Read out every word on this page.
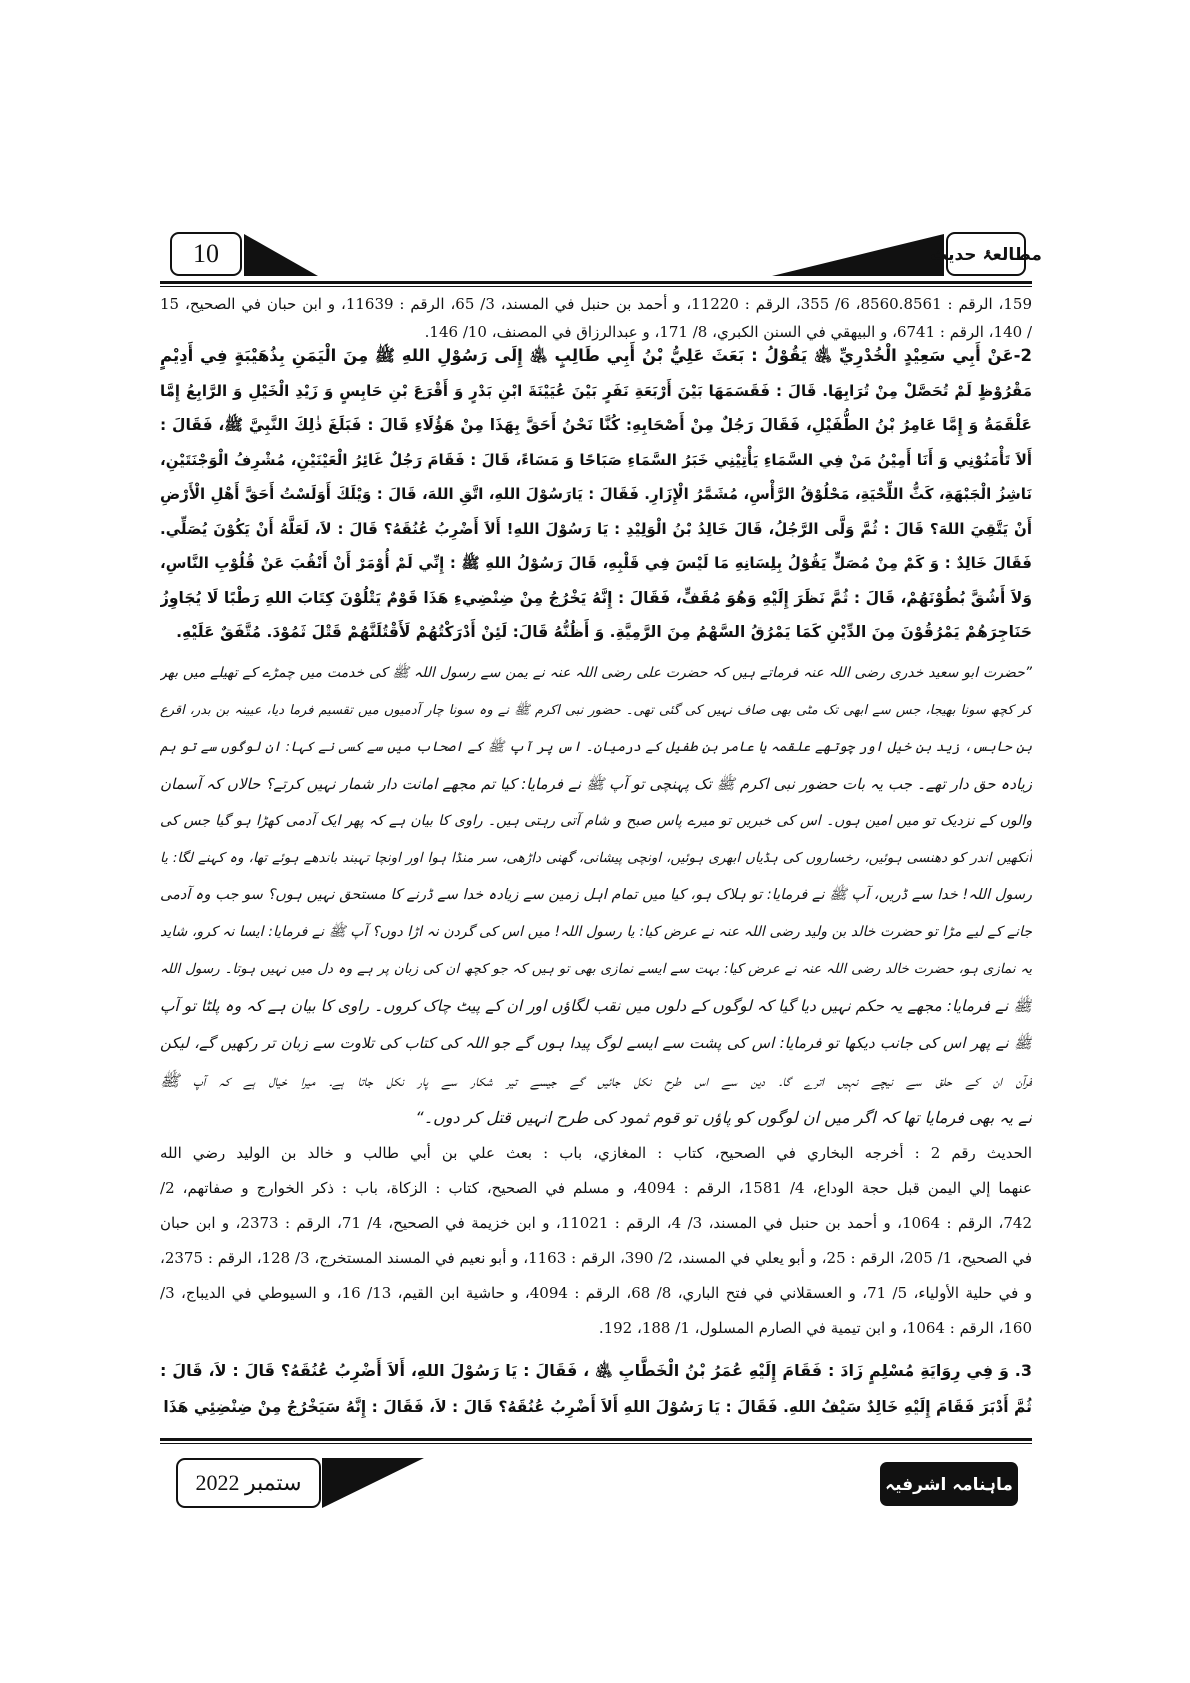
10	مطالعۂ حدیث
159، الرقم : 8560.8561، 6/ 355، الرقم : 11220، و أحمد بن حنبل في المسند، 3/ 65، الرقم : 11639، و ابن حبان في الصحيح، 15
/ 140، الرقم : 6741، و البيهقي في السنن الكبري، 8/ 171، و عبدالرزاق في المصنف، 10/ 146.
2-عَنْ أَبِي سَعِيْدٍ الْخُدْرِيِّ ﵁ يَقُوْلُ : بَعَثَ عَلِيُّ بْنُ أَبِي طَالِبٍ ﵁ إِلَى رَسُوْلِ اللهِ ﷺ مِنَ الْيَمَنِ بِذُهَيْبَةٍ فِي أَدِيْمٍ
مَقْرُوْظٍ لَمْ تُحَصَّلْ مِنْ تُرَابِهَا. قَالَ : فَقَسَمَهَا بَيْنَ أَرْبَعَةِ نَفَرٍ بَيْنَ عُيَيْنَةَ ابْنِ بَدْرٍ وَ أَقْرَعَ بْنِ حَابِسٍ وَ زَيْدِ الْخَيْلِ وَ الرَّابِعُ إِمَّا
عَلْقَمَةُ وَ إِمَّا عَامِرُ بْنُ الطُّفَيْلِ، فَقَالَ رَجُلٌ مِنْ أَصْحَابِهِ: كُنَّا نَحْنُ أَحَقَّ بِهَذَا مِنْ هَؤُلَاءِ قَالَ : فَبَلَغَ ذٰلِكَ النَّبِيَّ ﷺ، فَقَالَ :
أَلاَ تَأْمَنُوْنِي وَ أَنَا أَمِيْنُ مَنْ فِي السَّمَاءِ يَأْتِيْنِي خَبَرُ السَّمَاءِ صَبَاحًا وَ مَسَاءً، قَالَ : فَقَامَ رَجُلٌ غَائِرُ الْعَيْنَيْنِ، مُشْرِفُ الْوَجْنَتَيْنِ،
نَاشِزُ الْجَبْهَةِ، كَثُّ اللِّحْيَةِ، مَحْلُوْقُ الرَّأْسِ، مُشَمَّرُ الْإِزَارِ. فَقَالَ : يَارَسُوْلَ اللهِ، اتَّقِ اللهَ، قَالَ : وَيْلَكَ أَوَلَسْتُ أَحَقَّ أَهْلِ الْأَرْضِ
أَنْ يَتَّقِيَ اللهَ؟ قَالَ : ثُمَّ وَلَّى الرَّجُلُ، قَالَ خَالِدُ بْنُ الْوَلِيْدِ : يَا رَسُوْلَ اللهِ! أَلاَ أَضْرِبُ عُنُقَهُ؟ قَالَ : لاَ، لَعَلَّهُ أَنْ يَكُوْنَ يُصَلِّي.
فَقَالَ خَالِدٌ : وَ كَمْ مِنْ مُصَلٍّ يَقُوْلُ بِلِسَانِهِ مَا لَيْسَ فِي قَلْبِهِ، قَالَ رَسُوْلُ اللهِ ﷺ : إِنِّي لَمْ أُوْمَرْ أَنْ أَنْقُبَ عَنْ قُلُوْبِ النَّاسِ،
وَلاَ أَشُقَّ بُطُوْنَهُمْ، قَالَ : ثُمَّ نَظَرَ إِلَيْهِ وَهُوَ مُقَفٍّ، فَقَالَ : إِنَّهُ يَخْرُجُ مِنْ ضِنْضِيءِ هَذَا قَوْمٌ يَتْلُوْنَ كِتَابَ اللهِ رَطْبًا لَا يُجَاوِزُ
حَنَاجِرَهُمْ يَمْرُقُوْنَ مِنَ الدِّيْنِ كَمَا يَمْرُقُ السَّهْمُ مِنَ الرَّمِيَّةِ. وَ أَظُنُّهُ قَالَ: لَئِنْ أَدْرَكْتُهُمْ لَأَقْتُلَنَّهُمْ قَتْلَ ثَمُوْدَ. مُتَّفَقٌ عَلَيْهِ.
”حضرت ابو سعید خدری رضی اللہ عنہ فرماتے ہیں کہ حضرت علی رضی اللہ عنہ نے یمن سے رسول اللہ ﷺ کی خدمت میں چمڑے کے تھیلے میں بھر
کر کچھ سونا بھیجا، جس سے ابھی تک مٹی بھی صاف نہیں کی گئی تھی۔ حضور نبی اکرم ﷺ نے وہ سونا چار آدمیوں میں تقسیم فرما دیا، عیینہ بن بدر، اقرع
بن حابس، زید بن خیل اور چوتھے علقمہ یا عامر بن طفیل کے درمیان۔ اس پر آپ ﷺ کے اصحاب میں سے کسی نے کہا: ان لوگوں سے تو ہم
زیادہ حق دار تھے۔ جب یہ بات حضور نبی اکرم ﷺ تک پہنچی تو آپ ﷺ نے فرمایا: کیا تم مجھے امانت دار شمار نہیں کرتے؟ حالاں کہ آسمان
والوں کے نزدیک تو میں امین ہوں۔ اس کی خبریں تو میرے پاس صبح و شام آتی رہتی ہیں۔ راوی کا بیان ہے کہ پھر ایک آدمی کھڑا ہو گیا جس کی
آنکھیں اندر کو دھنسی ہوئیں، رخساروں کی ہڈیاں ابھری ہوئیں، اونچی پیشانی، گھنی داڑھی، سر منڈا ہوا اور اونچا تہبند باندھے ہوئے تھا، وہ کہنے لگا: یا
رسول اللہ! خدا سے ڈریں، آپ ﷺ نے فرمایا: تو ہلاک ہو، کیا میں تمام اہل زمین سے زیادہ خدا سے ڈرنے کا مستحق نہیں ہوں؟ سو جب وہ آدمی
جانے کے لیے مڑا تو حضرت خالد بن ولید رضی اللہ عنہ نے عرض کیا: یا رسول اللہ! میں اس کی گردن نہ اڑا دوں؟ آپ ﷺ نے فرمایا: ایسا نہ کرو، شاید
یہ نمازی ہو، حضرت خالد رضی اللہ عنہ نے عرض کیا: بہت سے ایسے نمازی بھی تو ہیں کہ جو کچھ ان کی زبان پر ہے وہ دل میں نہیں ہوتا۔ رسول اللہ
ﷺ نے فرمایا: مجھے یہ حکم نہیں دیا گیا کہ لوگوں کے دلوں میں نقب لگاؤں اور ان کے پیٹ چاک کروں۔ راوی کا بیان ہے کہ وہ پلٹا تو آپ
ﷺ نے پھر اس کی جانب دیکھا تو فرمایا: اس کی پشت سے ایسے لوگ پیدا ہوں گے جو اللہ کی کتاب کی تلاوت سے زبان تر رکھیں گے، لیکن
قرآن ان کے حلق سے نیچے نہیں اترے گا۔ دین سے اس طرح نکل جائیں گے جیسے تیر شکار سے پار نکل جاتا ہے۔ میرا خیال ہے کہ آپ ﷺ
نے یہ بھی فرمایا تھا کہ اگر میں ان لوگوں کو پاؤں تو قوم ثمود کی طرح انہیں قتل کر دوں۔“
الحديث رقم 2 : أخرجه البخاري في الصحيح، كتاب : المغازي، باب : بعث علي بن أبي طالب و خالد بن الوليد رضي الله
عنهما إلي اليمن قبل حجة الوداع، 4/ 1581، الرقم : 4094، و مسلم في الصحيح، كتاب : الزكاة، باب : ذكر الخوارج و صفاتهم، 2/
742، الرقم : 1064، و أحمد بن حنبل في المسند، 3/ 4، الرقم : 11021، و ابن خزيمة في الصحيح، 4/ 71، الرقم : 2373، و ابن حبان
في الصحيح، 1/ 205، الرقم : 25، و أبو يعلي في المسند، 2/ 390، الرقم : 1163، و أبو نعيم في المسند المستخرج، 3/ 128، الرقم : 2375،
و في حلية الأولياء، 5/ 71، و العسقلاني في فتح الباري، 8/ 68، الرقم : 4094، و حاشية ابن القيم، 13/ 16، و السيوطي في الديباج، 3/
160، الرقم : 1064، و ابن تيمية في الصارم المسلول، 1/ 188، 192.
3. وَ فِي رِوَايَةِ مُسْلِمٍ زَادَ : فَقَامَ إِلَيْهِ عُمَرُ بْنُ الْخَطَّابِ ﵁ ، فَقَالَ : يَا رَسُوْلَ اللهِ، أَلاَ أَضْرِبُ عُنُقَهُ؟ قَالَ : لاَ، قَالَ :
ثُمَّ أَدْبَرَ فَقَامَ إِلَيْهِ خَالِدٌ سَيْفُ اللهِ. فَقَالَ : يَا رَسُوْلَ اللهِ أَلاَ أَضْرِبُ عُنُقَهُ؟ قَالَ : لاَ، فَقَالَ : إِنَّهُ سَيَخْرُجُ مِنْ ضِنْضِئِي هَذَا
ستمبر 2022	ماہنامہ اشرفیہ
